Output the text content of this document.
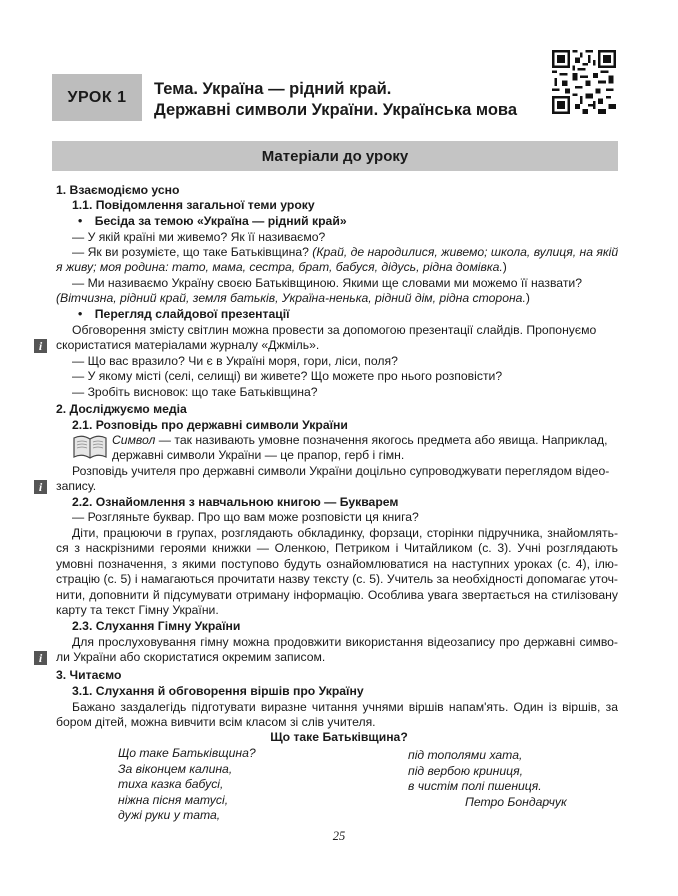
УРОК 1	Тема. Україна — рідний край.
Державні символи України. Українська мова
Матеріали до уроку
1. Взаємодіємо усно
1.1. Повідомлення загальної теми уроку
• Бесіда за темою «Україна — рідний край»
— У якій країні ми живемо? Як її називаємо?
— Як ви розумієте, що таке Батьківщина? (Край, де народилися, живемо; школа, вулиця, на якій
я живу; моя родина: тато, мама, сестра, брат, бабуся, дідусь, рідна домівка.)
— Ми називаємо Україну своєю Батьківщиною. Якими ще словами ми можемо її назвати?
(Вітчизна, рідний край, земля батьків, Україна-ненька, рідний дім, рідна сторона.)
• Перегляд слайдової презентації
Обговорення змісту світлин можна провести за допомогою презентації слайдів. Пропонуємо
i	скористатися матеріалами журналу «Джміль».
— Що вас вразило? Чи є в Україні моря, гори, ліси, поля?
— У якому місті (селі, селищі) ви живете? Що можете про нього розповісти?
— Зробіть висновок: що таке Батьківщина?
2. Досліджуємо медіа
2.1. Розповідь про державні символи України
Символ — так називають умовне позначення якогось предмета або явища. Наприклад,
державні символи України — це прапор, герб і гімн.
Розповідь учителя про державні символи України доцільно супроводжувати переглядом відео-
i	запису.
2.2. Ознайомлення з навчальною книгою — Букварем
— Розгляньте буквар. Про що вам може розповісти ця книга?
Діти, працюючи в групах, розглядають обкладинку, форзаци, сторінки підручника, знайомлять-
ся з наскрізними героями книжки — Оленкою, Петриком і Читайликом (с. 3). Учні розглядають
умовні позначення, з якими поступово будуть ознайомлюватися на наступних уроках (с. 4), ілю-
страцію (с. 5) і намагаються прочитати назву тексту (с. 5). Учитель за необхідності допомагає уточ-
нити, доповнити й підсумувати отриману інформацію. Особлива увага звертається на стилізовану
карту та текст Гімну України.
2.3. Слухання Гімну України
Для прослуховування гімну можна продовжити використання відеозапису про державні симво-
i	ли України або скористатися окремим записом.
3. Читаємо
3.1. Слухання й обговорення віршів про Україну
Бажано заздалегідь підготувати виразне читання учнями віршів напам'ять. Один із віршів, за
бором дітей, можна вивчити всім класом зі слів учителя.
Що таке Батьківщина?
Що таке Батьківщина?
За віконцем калина,
тиха казка бабусі,
ніжна пісня матусі,
дужі руки у тата,
під тополями хата,
під вербою криниця,
в чистім полі пшениця.
Петро Бондарчук
25
